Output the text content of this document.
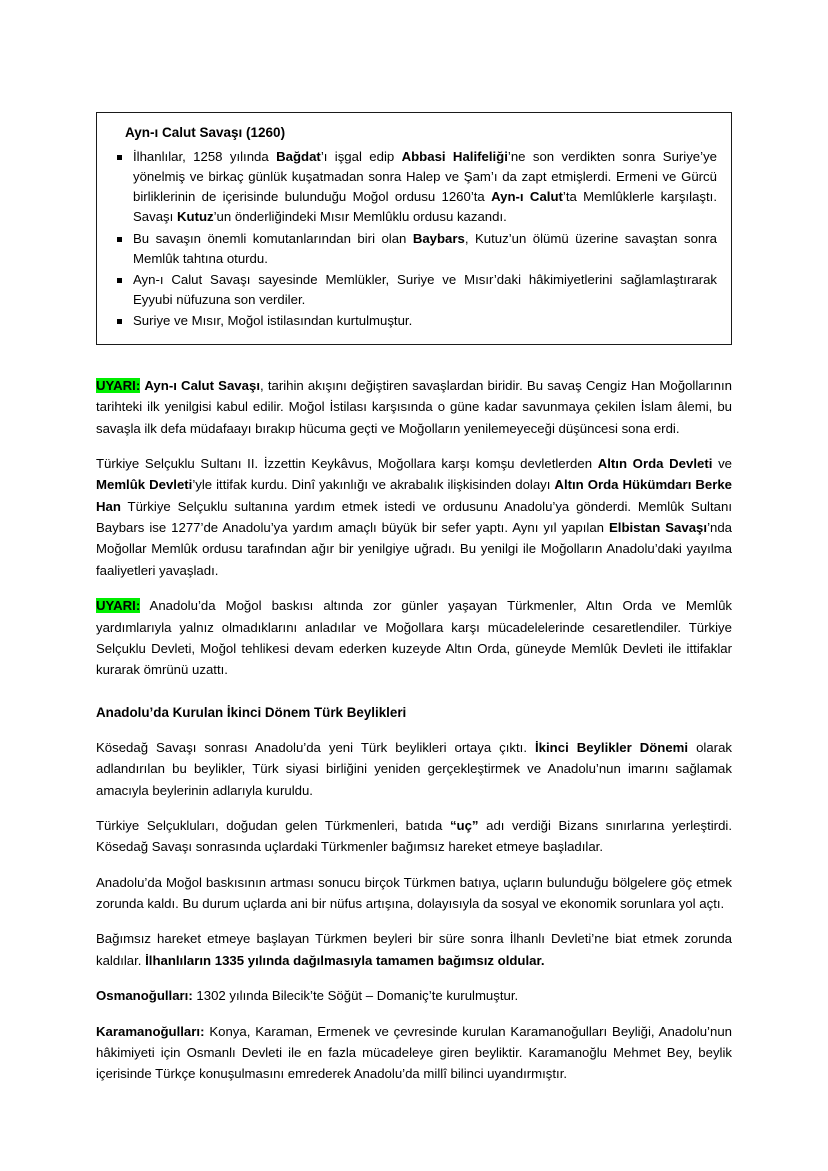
Ayn-ı Calut Savaşı (1260)
İlhanlılar, 1258 yılında Bağdat’ı işgal edip Abbasi Halifeliği’ne son verdikten sonra Suriye’ye yönelmiş ve birkaç günlük kuşatmadan sonra Halep ve Şam’ı da zapt etmişlerdi. Ermeni ve Gürcü birliklerinin de içerisinde bulunduğu Moğol ordusu 1260’ta Ayn-ı Calut’ta Memlûklerle karşılaştı. Savaşı Kutuz’un önderliğindeki Mısır Memlûklu ordusu kazandı.
Bu savaşın önemli komutanlarından biri olan Baybars, Kutuz’un ölümü üzerine savaştan sonra Memlûk tahtına oturdu.
Ayn-ı Calut Savaşı sayesinde Memlükler, Suriye ve Mısır’daki hâkimiyetlerini sağlamlaştırarak Eyyubi nüfuzuna son verdiler.
Suriye ve Mısır, Moğol istilasından kurtulmuştur.

UYARI: Ayn-ı Calut Savaşı, tarihin akışını değiştiren savaşlardan biridir. Bu savaş Cengiz Han Moğollarının tarihteki ilk yenilgisi kabul edilir. Moğol İstilası karşısında o güne kadar savunmaya çekilen İslam âlemi, bu savaşla ilk defa müdafaayı bırakıp hücuma geçti ve Moğolların yenilemeyeceği düşüncesi sona erdi.

Türkiye Selçuklu Sultanı II. İzzettin Keykâvus, Moğollara karşı komşu devletlerden Altın Orda Devleti ve Memlûk Devleti’yle ittifak kurdu. Dinî yakınlığı ve akrabalık ilişkisinden dolayı Altın Orda Hükümdarı Berke Han Türkiye Selçuklu sultanına yardım etmek istedi ve ordusunu Anadolu’ya gönderdi. Memlûk Sultanı Baybars ise 1277’de Anadolu’ya yardım amaçlı büyük bir sefer yaptı. Aynı yıl yapılan Elbistan Savaşı’nda Moğollar Memlûk ordusu tarafından ağır bir yenilgiye uğradı. Bu yenilgi ile Moğolların Anadolu’daki yayılma faaliyetleri yavaşladı.

UYARI: Anadolu’da Moğol baskısı altında zor günler yaşayan Türkmenler, Altın Orda ve Memlûk yardımlarıyla yalnız olmadıklarını anladılar ve Moğollara karşı mücadelelerinde cesaretlendiler. Türkiye Selçuklu Devleti, Moğol tehlikesi devam ederken kuzeyde Altın Orda, güneyde Memlûk Devleti ile ittifaklar kurarak ömrünü uzattı.

Anadolu’da Kurulan İkinci Dönem Türk Beylikleri

Kösedağ Savaşı sonrası Anadolu’da yeni Türk beylikleri ortaya çıktı. İkinci Beylikler Dönemi olarak adlandırılan bu beylikler, Türk siyasi birliğini yeniden gerçekleştirmek ve Anadolu’nun imarını sağlamak amacıyla beylerinin adlarıyla kuruldu.

Türkiye Selçukluları, doğudan gelen Türkmenleri, batıda “uç” adı verdiği Bizans sınırlarına yerleştirdi. Kösedağ Savaşı sonrasında uçlardaki Türkmenler bağımsız hareket etmeye başladılar.

Anadolu’da Moğol baskısının artması sonucu birçok Türkmen batıya, uçların bulunduğu bölgelere göç etmek zorunda kaldı. Bu durum uçlarda ani bir nüfus artışına, dolayısıyla da sosyal ve ekonomik sorunlara yol açtı.

Bağımsız hareket etmeye başlayan Türkmen beyleri bir süre sonra İlhanlı Devleti’ne biat etmek zorunda kaldılar. İlhanlıların 1335 yılında dağılmasıyla tamamen bağımsız oldular.

Osmanoğulları: 1302 yılında Bilecik’te Söğüt – Domaniç’te kurulmuştur.

Karamanoğulları: Konya, Karaman, Ermenek ve çevresinde kurulan Karamanoğulları Beyliği, Anadolu’nun hâkimiyeti için Osmanlı Devleti ile en fazla mücadeleye giren beyliktir. Karamanoğlu Mehmet Bey, beylik içerisinde Türkçe konuşulmasını emrederek Anadolu’da millî bilinci uyandırmıştır.
